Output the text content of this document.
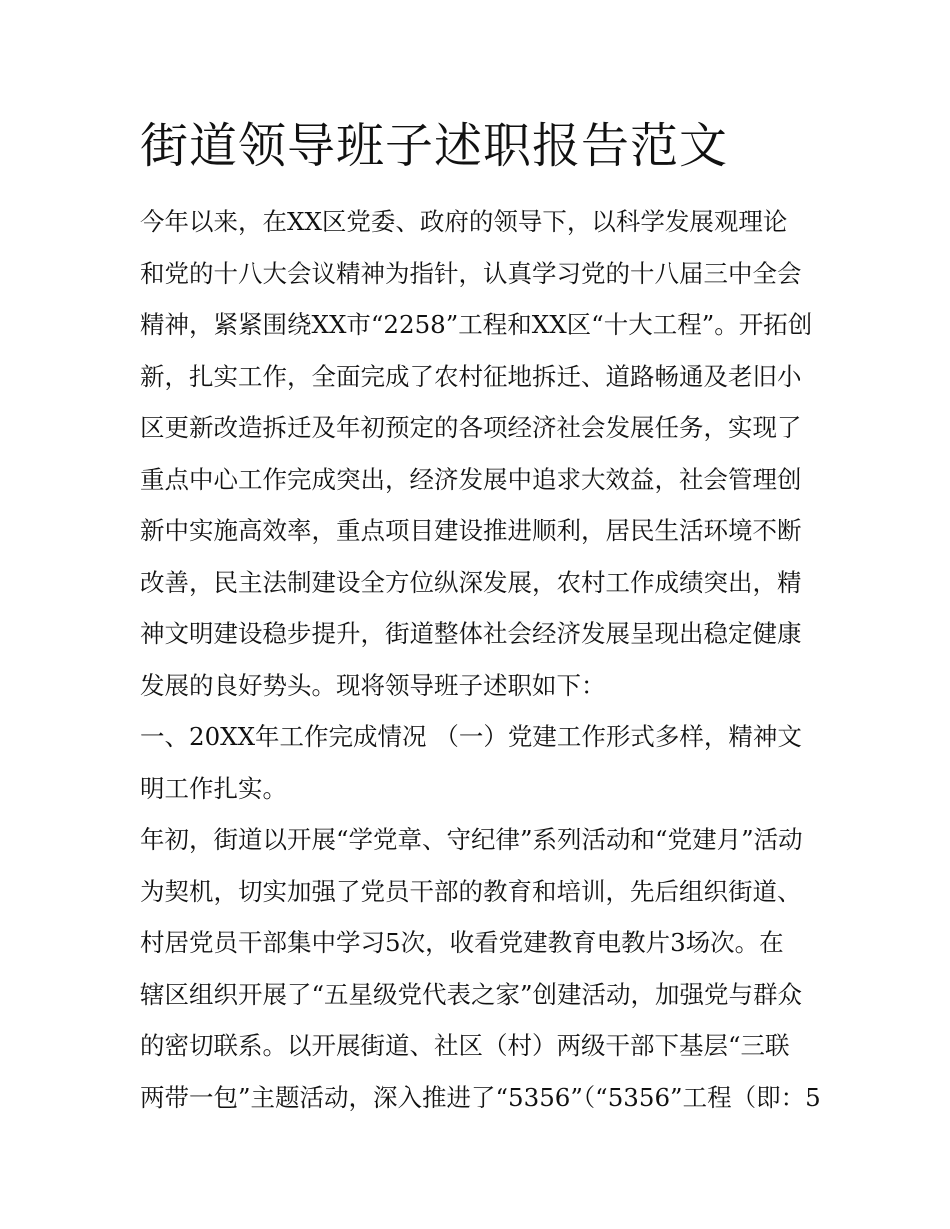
街道领导班子述职报告范文
今年以来，在XX区党委、政府的领导下，以科学发展观理论
和党的十八大会议精神为指针，认真学习党的十八届三中全会
精神，紧紧围绕XX市“2258”工程和XX区“十大工程”。开拓创
新，扎实工作，全面完成了农村征地拆迁、道路畅通及老旧小
区更新改造拆迁及年初预定的各项经济社会发展任务，实现了
重点中心工作完成突出，经济发展中追求大效益，社会管理创
新中实施高效率，重点项目建设推进顺利，居民生活环境不断
改善，民主法制建设全方位纵深发展，农村工作成绩突出，精
神文明建设稳步提升，街道整体社会经济发展呈现出稳定健康
发展的良好势头。现将领导班子述职如下：
一、20XX年工作完成情况 （一）党建工作形式多样，精神文
明工作扎实。
年初，街道以开展“学党章、守纪律”系列活动和“党建月”活动
为契机，切实加强了党员干部的教育和培训，先后组织街道、
村居党员干部集中学习5次，收看党建教育电教片3场次。在
辖区组织开展了“五星级党代表之家”创建活动，加强党与群众
的密切联系。以开展街道、社区（村）两级干部下基层“三联
两带一包”主题活动，深入推进了“5356”（“5356”工程（即：5
